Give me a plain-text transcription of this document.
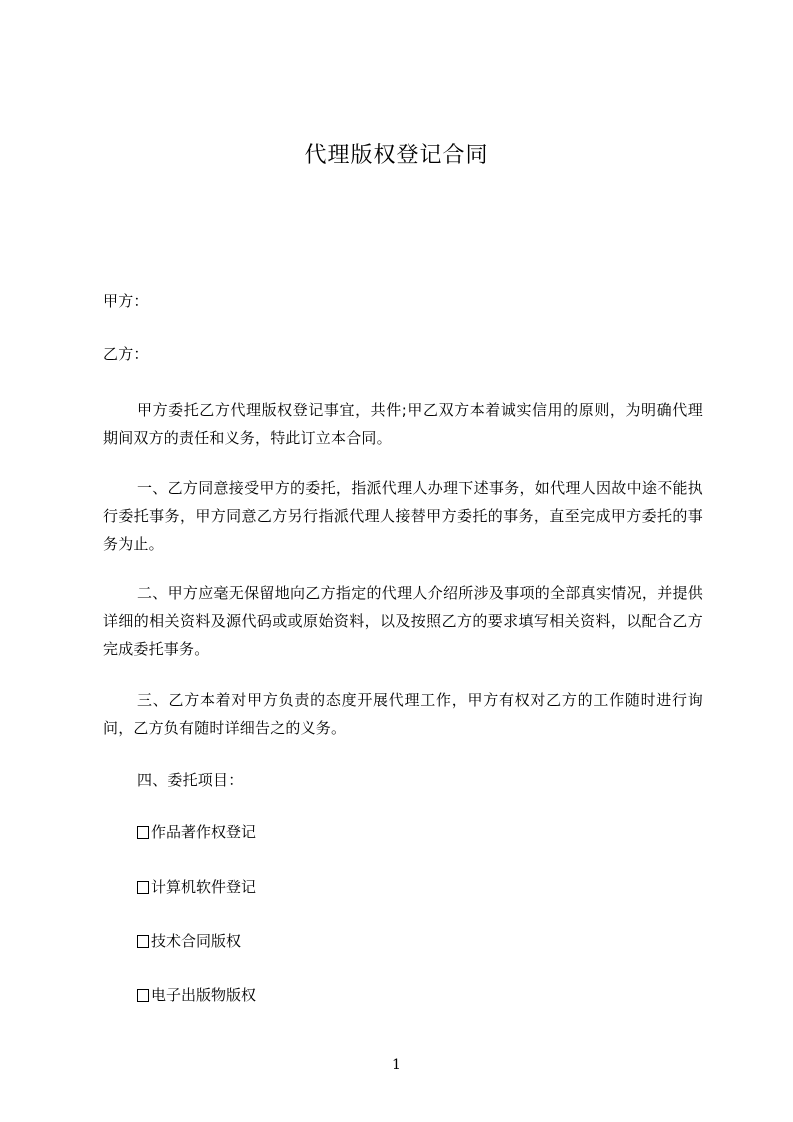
代理版权登记合同
甲方：
乙方：
甲方委托乙方代理版权登记事宜，共件;甲乙双方本着诚实信用的原则，为明确代理期间双方的责任和义务，特此订立本合同。
一、乙方同意接受甲方的委托，指派代理人办理下述事务，如代理人因故中途不能执行委托事务，甲方同意乙方另行指派代理人接替甲方委托的事务，直至完成甲方委托的事务为止。
二、甲方应毫无保留地向乙方指定的代理人介绍所涉及事项的全部真实情况，并提供详细的相关资料及源代码或或原始资料，以及按照乙方的要求填写相关资料，以配合乙方完成委托事务。
三、乙方本着对甲方负责的态度开展代理工作，甲方有权对乙方的工作随时进行询问，乙方负有随时详细告之的义务。
四、委托项目：
作品著作权登记
计算机软件登记
技术合同版权
电子出版物版权
1
